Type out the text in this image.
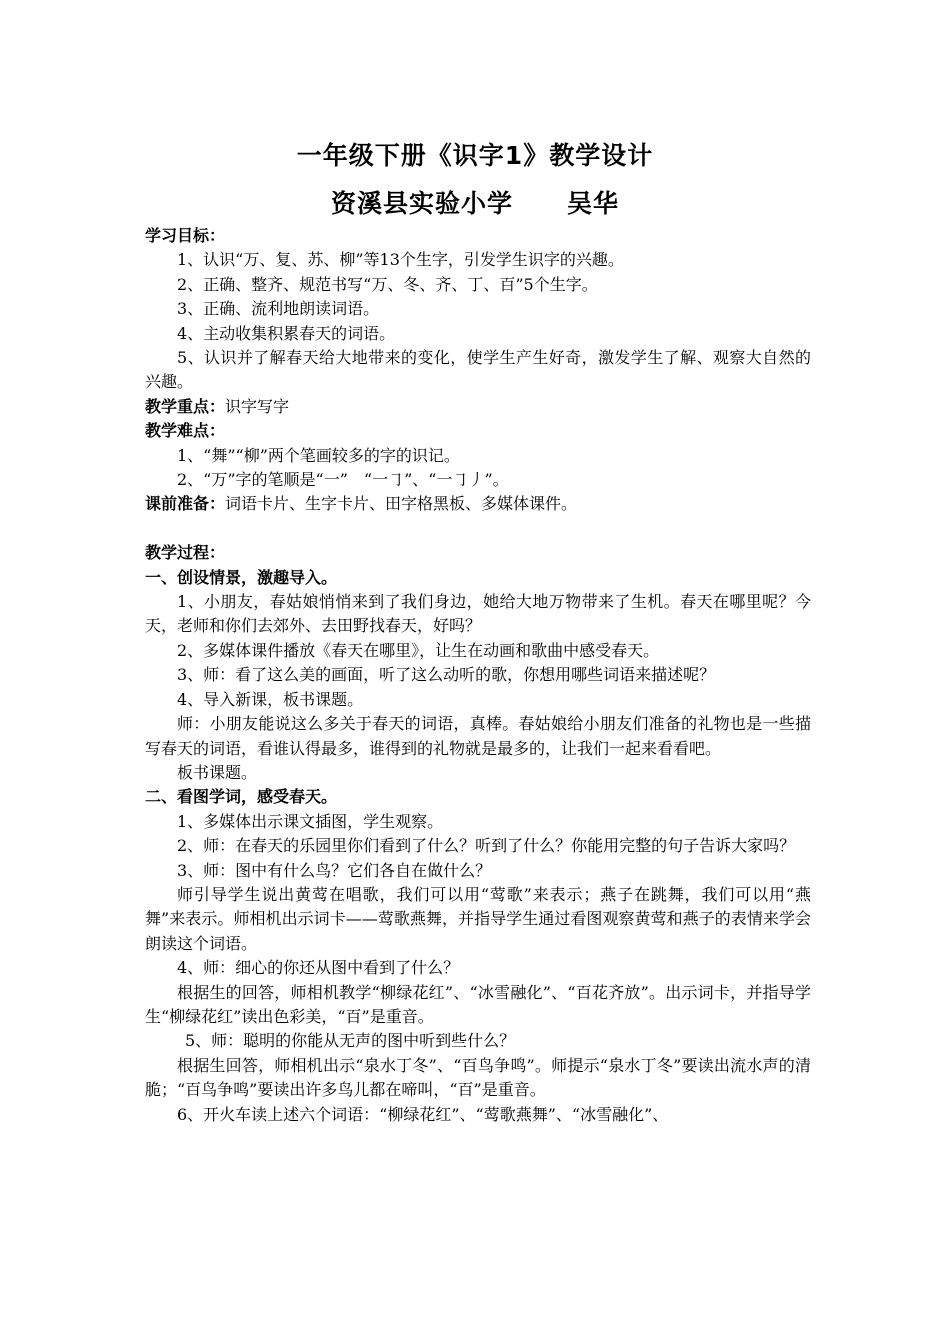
一年级下册《识字1》教学设计
资溪县实验小学 吴华

学习目标：

1、认识“万、复、苏、柳”等13个生字，引发学生识字的兴趣。

2、正确、整齐、规范书写“万、冬、齐、丁、百”5个生字。

3、正确、流利地朗读词语。

4、主动收集积累春天的词语。

5、认识并了解春天给大地带来的变化，使学生产生好奇，激发学生了解、观察大自然的兴趣。

教学重点：识字写字

教学难点：

1、“舞”“柳”两个笔画较多的字的识记。

2、“万”字的笔顺是“一”　“一㇆”、“一㇆丿”。

课前准备：词语卡片、生字卡片、田字格黑板、多媒体课件。

教学过程：

一、创设情景，激趣导入。

1、小朋友，春姑娘悄悄来到了我们身边，她给大地万物带来了生机。春天在哪里呢？今天，老师和你们去郊外、去田野找春天，好吗？

2、多媒体课件播放《春天在哪里》，让生在动画和歌曲中感受春天。

3、师：看了这么美的画面，听了这么动听的歌，你想用哪些词语来描述呢？

4、导入新课，板书课题。

师：小朋友能说这么多关于春天的词语，真棒。春姑娘给小朋友们准备的礼物也是一些描写春天的词语，看谁认得最多，谁得到的礼物就是最多的，让我们一起来看看吧。

板书课题。

二、看图学词，感受春天。

1、多媒体出示课文插图，学生观察。

2、师：在春天的乐园里你们看到了什么？听到了什么？你能用完整的句子告诉大家吗？

3、师：图中有什么鸟？它们各自在做什么？

师引导学生说出黄莺在唱歌，我们可以用“莺歌”来表示；燕子在跳舞，我们可以用“燕舞”来表示。师相机出示词卡——莺歌燕舞，并指导学生通过看图观察黄莺和燕子的表情来学会朗读这个词语。

4、师：细心的你还从图中看到了什么？

根据生的回答，师相机教学“柳绿花红”、“冰雪融化”、“百花齐放”。出示词卡，并指导学生“柳绿花红”读出色彩美，“百”是重音。

5、师：聪明的你能从无声的图中听到些什么？

根据生回答，师相机出示“泉水丁冬”、“百鸟争鸣”。师提示“泉水丁冬”要读出流水声的清脆；“百鸟争鸣”要读出许多鸟儿都在啼叫，“百”是重音。

6、开火车读上述六个词语：“柳绿花红”、“莺歌燕舞”、“冰雪融化”、
